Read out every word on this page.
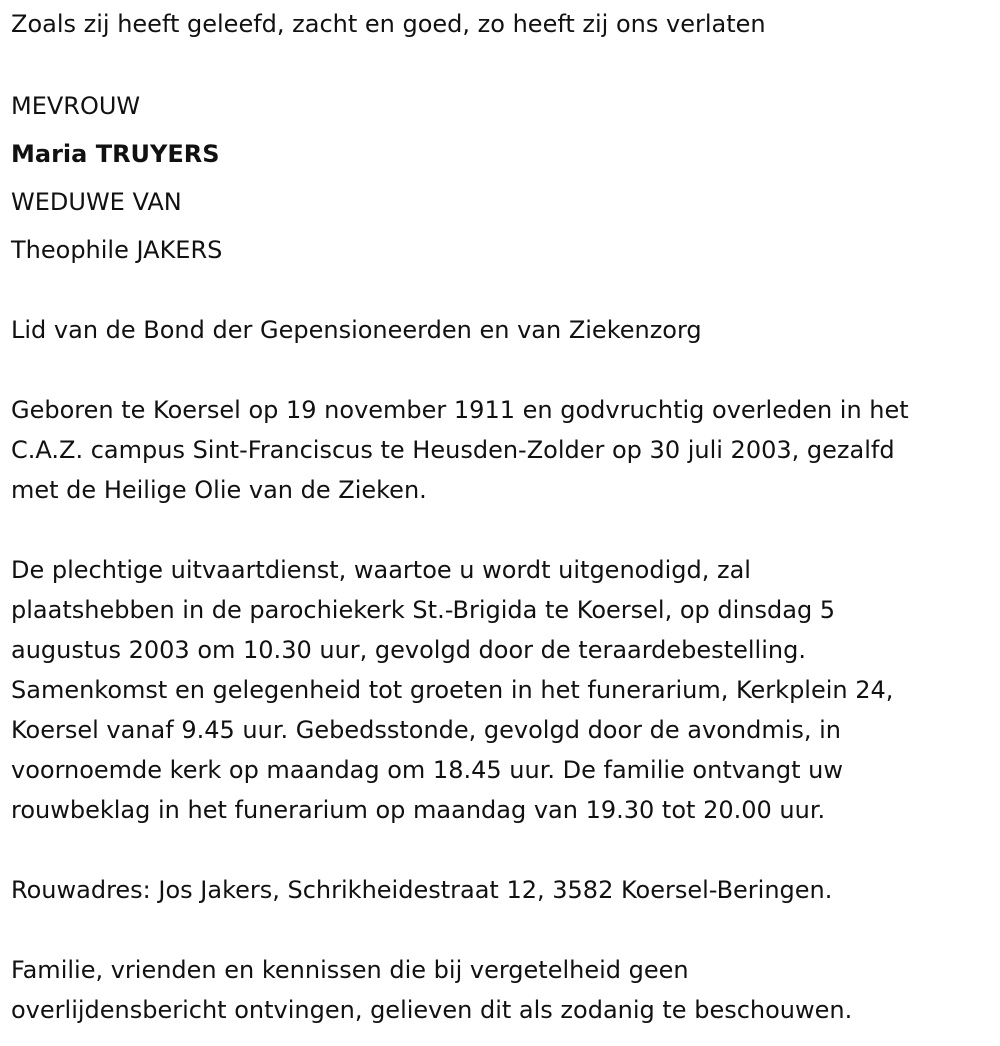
Zoals zij heeft geleefd, zacht en goed, zo heeft zij ons verlaten
MEVROUW
Maria TRUYERS
WEDUWE VAN
Theophile JAKERS
Lid van de Bond der Gepensioneerden en van Ziekenzorg
Geboren te Koersel op 19 november 1911 en godvruchtig overleden in het
C.A.Z. campus Sint-Franciscus te Heusden-Zolder op 30 juli 2003, gezalfd
met de Heilige Olie van de Zieken.
De plechtige uitvaartdienst, waartoe u wordt uitgenodigd, zal
plaatshebben in de parochiekerk St.-Brigida te Koersel, op dinsdag 5
augustus 2003 om 10.30 uur, gevolgd door de teraardebestelling.
Samenkomst en gelegenheid tot groeten in het funerarium, Kerkplein 24,
Koersel vanaf 9.45 uur. Gebedsstonde, gevolgd door de avondmis, in
voornoemde kerk op maandag om 18.45 uur. De familie ontvangt uw
rouwbeklag in het funerarium op maandag van 19.30 tot 20.00 uur.
Rouwadres: Jos Jakers, Schrikheidestraat 12, 3582 Koersel-Beringen.
Familie, vrienden en kennissen die bij vergetelheid geen
overlijdensbericht ontvingen, gelieven dit als zodanig te beschouwen.
